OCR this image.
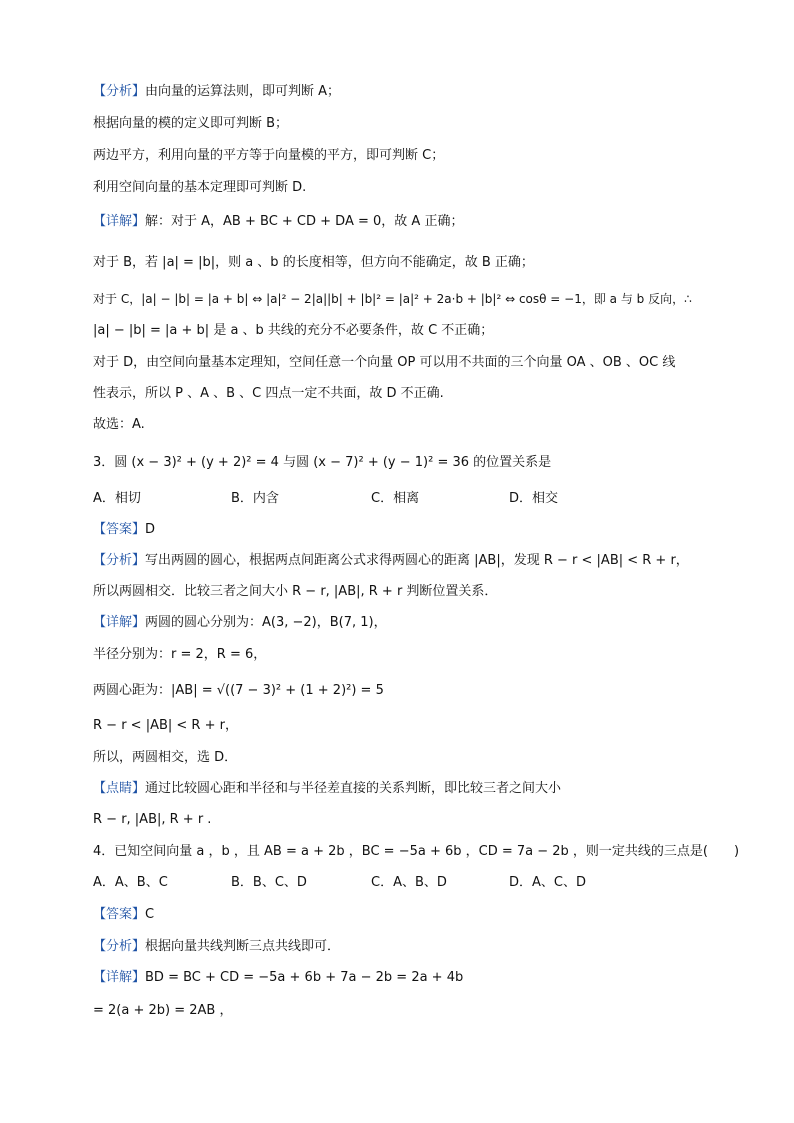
【分析】由向量的运算法则，即可判断 A；
根据向量的模的定义即可判断 B；
两边平方，利用向量的平方等于向量模的平方，即可判断 C；
利用空间向量的基本定理即可判断 D.
【详解】解：对于 A，AB + BC + CD + DA = 0，故 A 正确；
对于 B，若 |a| = |b|，则 a 、b 的长度相等，但方向不能确定，故 B 正确；
对于 C，|a| − |b| = |a + b| ⇔ |a|² − 2|a||b| + |b|² = |a|² + 2a·b + |b|² ⇔ cosθ = −1，即 a 与 b 反向，∴
|a| − |b| = |a + b| 是 a 、b 共线的充分不必要条件，故 C 不正确；
对于 D，由空间向量基本定理知，空间任意一个向量 OP 可以用不共面的三个向量 OA 、OB 、OC 线
性表示，所以 P 、A 、B 、C 四点一定不共面，故 D 不正确.
故选：A.
3．圆 (x − 3)² + (y + 2)² = 4 与圆 (x − 7)² + (y − 1)² = 36 的位置关系是
A．相切	B．内含	C．相离	D．相交
【答案】D
【分析】写出两圆的圆心，根据两点间距离公式求得两圆心的距离 |AB|，发现 R − r < |AB| < R + r，
所以两圆相交．比较三者之间大小 R − r, |AB|, R + r 判断位置关系．
【详解】两圆的圆心分别为：A(3, −2)，B(7, 1)，
半径分别为：r = 2，R = 6，
两圆心距为：|AB| = √((7 − 3)² + (1 + 2)²) = 5
R − r < |AB| < R + r，
所以，两圆相交，选 D．
【点睛】通过比较圆心距和半径和与半径差直接的关系判断，即比较三者之间大小
R − r, |AB|, R + r .
4．已知空间向量 a ，b ，且 AB = a + 2b ，BC = −5a + 6b ，CD = 7a − 2b ，则一定共线的三点是(　　)
A．A、B、C	B．B、C、D	C．A、B、D	D．A、C、D
【答案】C
【分析】根据向量共线判断三点共线即可．
【详解】BD = BC + CD = −5a + 6b + 7a − 2b = 2a + 4b
= 2(a + 2b) = 2AB ，
